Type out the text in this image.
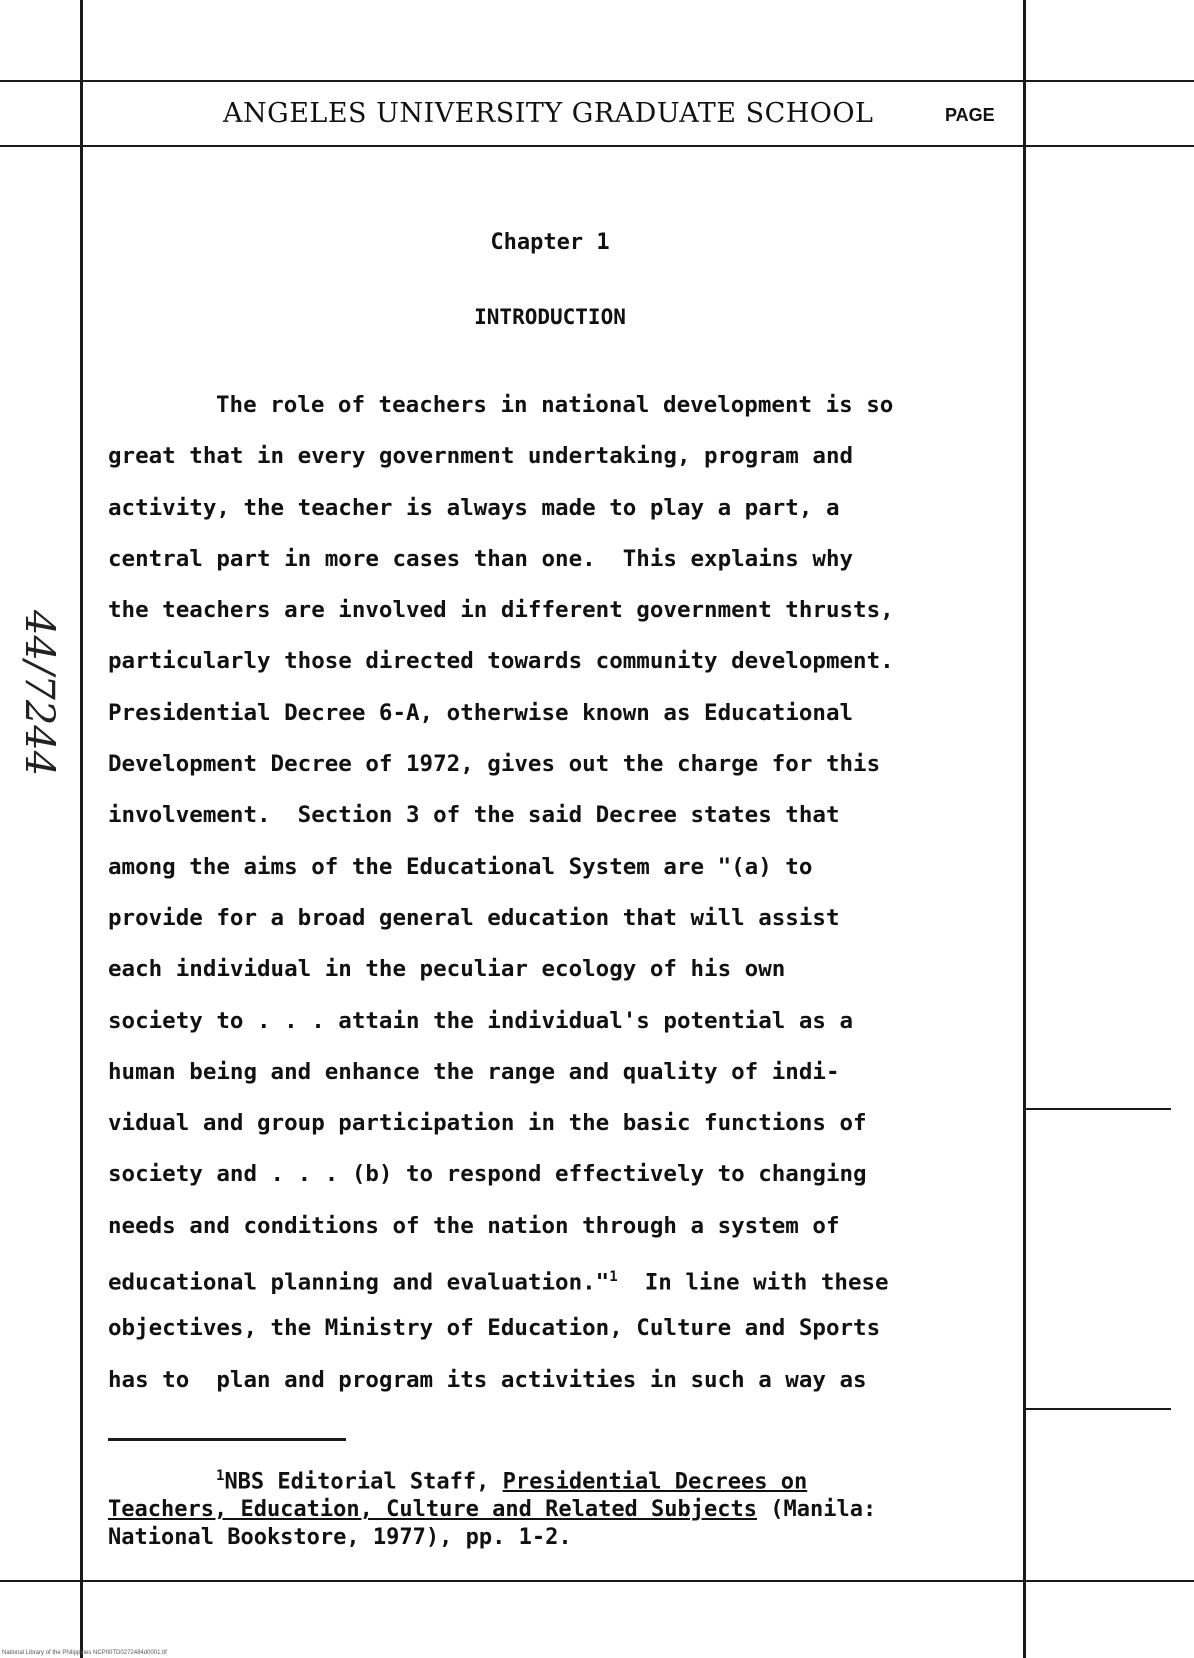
ANGELES UNIVERSITY GRADUATE SCHOOL	PAGE
Chapter 1
INTRODUCTION
The role of teachers in national development is so
great that in every government undertaking, program and
activity, the teacher is always made to play a part, a
central part in more cases than one.  This explains why
the teachers are involved in different government thrusts,
particularly those directed towards community development.
Presidential Decree 6-A, otherwise known as Educational
Development Decree of 1972, gives out the charge for this
involvement.  Section 3 of the said Decree states that
among the aims of the Educational System are "(a) to
provide for a broad general education that will assist
each individual in the peculiar ecology of his own
society to . . . attain the individual's potential as a
human being and enhance the range and quality of indi-
vidual and group participation in the basic functions of
society and . . . (b) to respond effectively to changing
needs and conditions of the nation through a system of
educational planning and evaluation."$^1$  In line with these
objectives, the Ministry of Education, Culture and Sports
has to  plan and program its activities in such a way as
$^1$NBS Editorial Staff, Presidential Decrees on
Teachers, Education, Culture and Related Subjects (Manila:
National Bookstore, 1977), pp. 1-2.
44/7244
National Library of the Philippines NCP00TD0272484d0001.tif
